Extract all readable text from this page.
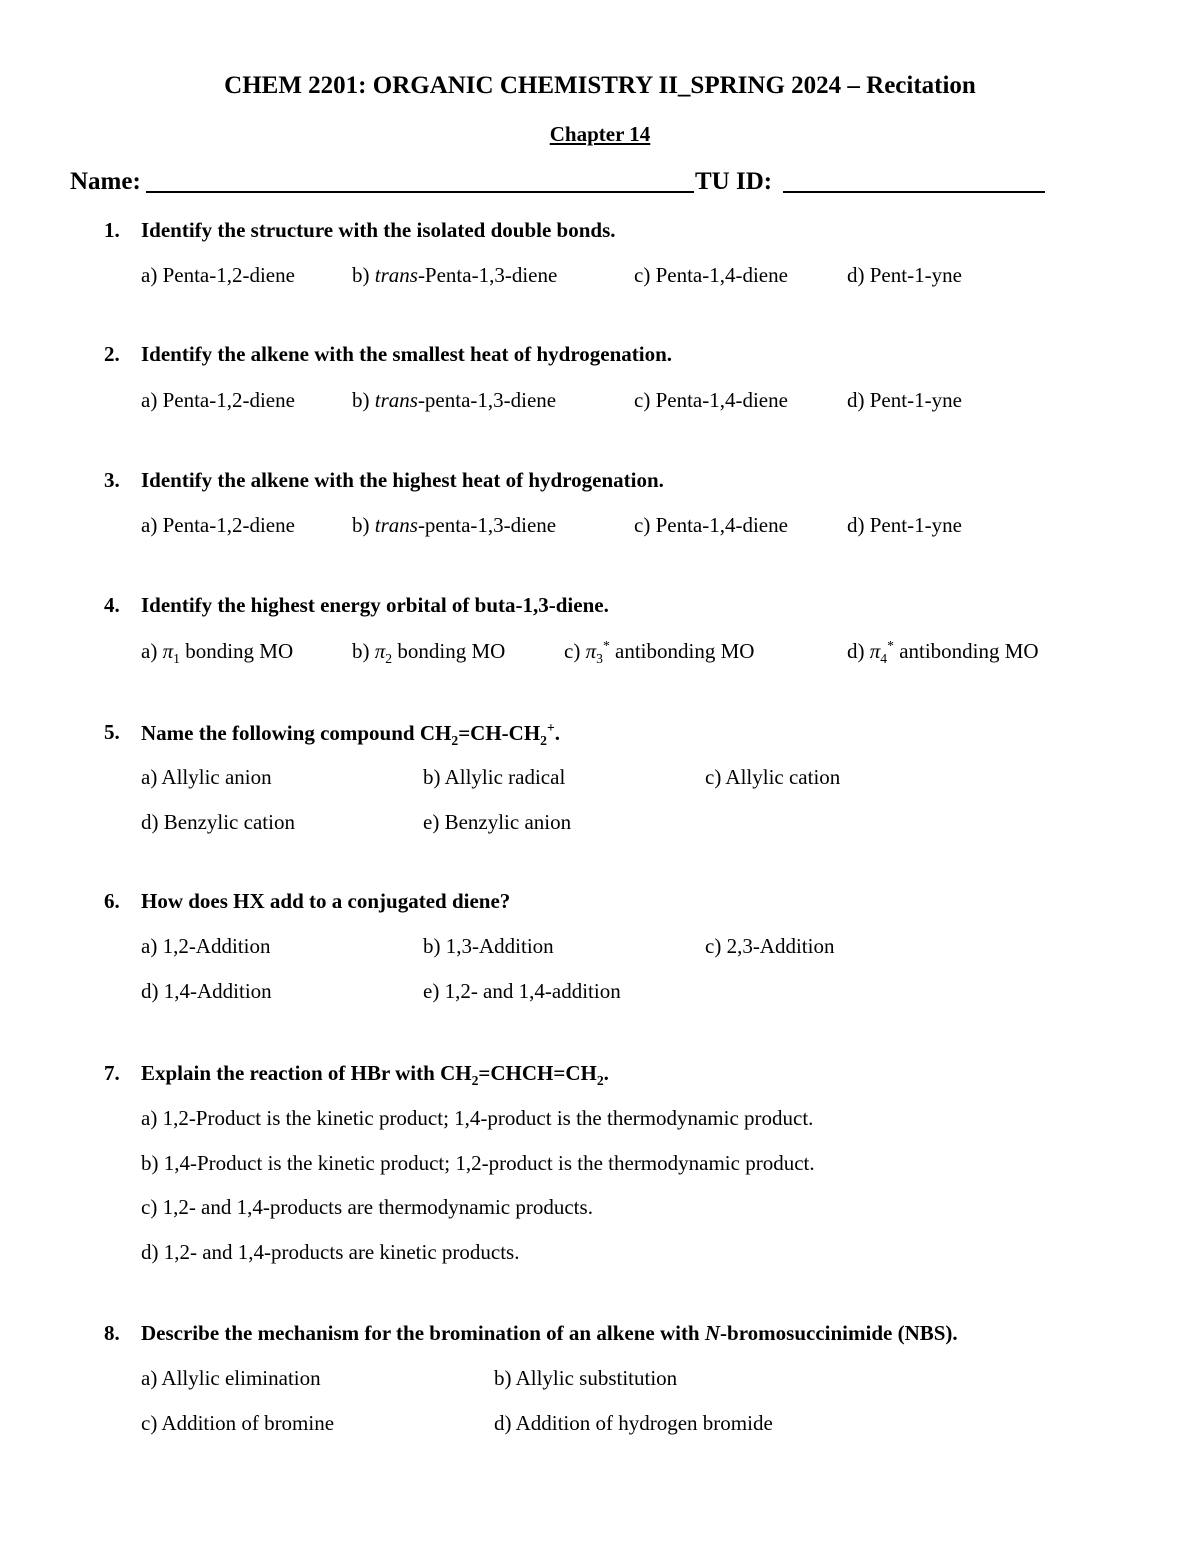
CHEM 2201: ORGANIC CHEMISTRY II_SPRING 2024 – Recitation
Chapter 14
Name:	TU ID:
1. Identify the structure with the isolated double bonds.
a) Penta-1,2-diene	b) trans-Penta-1,3-diene	c) Penta-1,4-diene	d) Pent-1-yne
2. Identify the alkene with the smallest heat of hydrogenation.
a) Penta-1,2-diene	b) trans-penta-1,3-diene	c) Penta-1,4-diene	d) Pent-1-yne
3. Identify the alkene with the highest heat of hydrogenation.
a) Penta-1,2-diene	b) trans-penta-1,3-diene	c) Penta-1,4-diene	d) Pent-1-yne
4. Identify the highest energy orbital of buta-1,3-diene.
a) $\pi_1$ bonding MO	b) $\pi_2$ bonding MO	c) $\pi_3^*$ antibonding MO	d) $\pi_4^*$ antibonding MO
5. Name the following compound $CH_2=CH-CH_2^+$.
a) Allylic anion	b) Allylic radical	c) Allylic cation
d) Benzylic cation	e) Benzylic anion
6. How does HX add to a conjugated diene?
a) 1,2-Addition	b) 1,3-Addition	c) 2,3-Addition
d) 1,4-Addition	e) 1,2- and 1,4-addition
7. Explain the reaction of HBr with $CH_2=CHCH=CH_2$.
a) 1,2-Product is the kinetic product; 1,4-product is the thermodynamic product.
b) 1,4-Product is the kinetic product; 1,2-product is the thermodynamic product.
c) 1,2- and 1,4-products are thermodynamic products.
d) 1,2- and 1,4-products are kinetic products.
8. Describe the mechanism for the bromination of an alkene with N-bromosuccinimide (NBS).
a) Allylic elimination	b) Allylic substitution
c) Addition of bromine	d) Addition of hydrogen bromide
